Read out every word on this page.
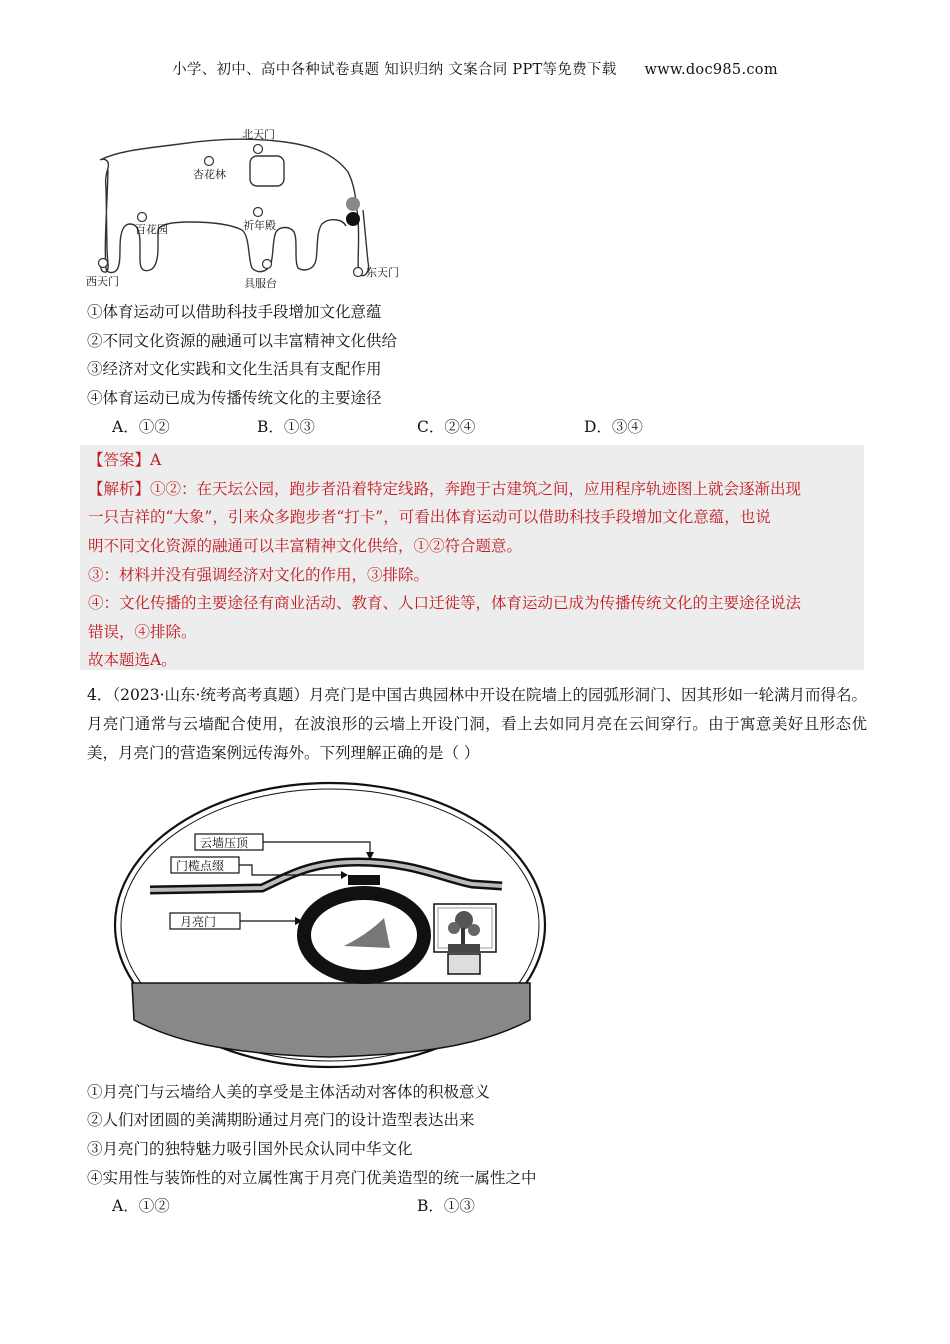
小学、初中、高中各种试卷真题 知识归纳 文案合同 PPT等免费下载 www.doc985.com
北天门
杏花林
百花园	祈年殿
西天门	具服台
东天门
①体育运动可以借助科技手段增加文化意蕴
②不同文化资源的融通可以丰富精神文化供给
③经济对文化实践和文化生活具有支配作用
④体育运动已成为传播传统文化的主要途径
A．①②	B．①③	C．②④	D．③④
【答案】A
【解析】①②：在天坛公园，跑步者沿着特定线路，奔跑于古建筑之间，应用程序轨迹图上就会逐渐出现
一只吉祥的“大象”，引来众多跑步者“打卡”，可看出体育运动可以借助科技手段增加文化意蕴，也说
明不同文化资源的融通可以丰富精神文化供给，①②符合题意。
③：材料并没有强调经济对文化的作用，③排除。
④：文化传播的主要途径有商业活动、教育、人口迁徙等，体育运动已成为传播传统文化的主要途径说法
错误，④排除。
故本题选A。
4．（2023·山东·统考高考真题）月亮门是中国古典园林中开设在院墙上的园弧形洞门、因其形如一轮满月而得名。月亮门通常与云墙配合使用，在波浪形的云墙上开设门洞，看上去如同月亮在云间穿行。由于寓意美好且形态优美，月亮门的营造案例远传海外。下列理解正确的是（ ）
云墙压顶
门榄点缀
月亮门
①月亮门与云墙给人美的享受是主体活动对客体的积极意义
②人们对团圆的美满期盼通过月亮门的设计造型表达出来
③月亮门的独特魅力吸引国外民众认同中华文化
④实用性与装饰性的对立属性寓于月亮门优美造型的统一属性之中
A．①②	B．①③
